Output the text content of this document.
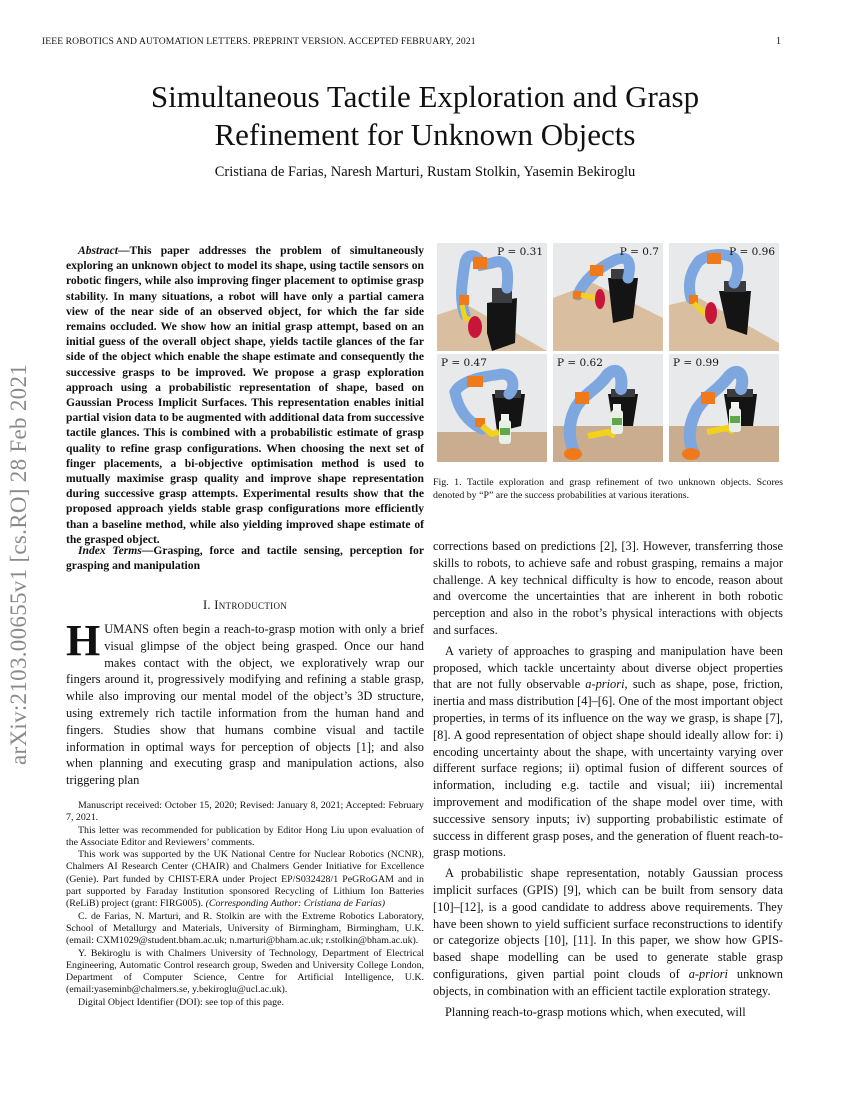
IEEE ROBOTICS AND AUTOMATION LETTERS. PREPRINT VERSION. ACCEPTED FEBRUARY, 2021	1
Simultaneous Tactile Exploration and Grasp
Refinement for Unknown Objects
Cristiana de Farias, Naresh Marturi, Rustam Stolkin, Yasemin Bekiroglu
arXiv:2103.00655v1 [cs.RO] 28 Feb 2021

Abstract—This paper addresses the problem of simultaneously exploring an unknown object to model its shape, using tactile sensors on robotic fingers, while also improving finger placement to optimise grasp stability. In many situations, a robot will have only a partial camera view of the near side of an observed object, for which the far side remains occluded. We show how an initial grasp attempt, based on an initial guess of the overall object shape, yields tactile glances of the far side of the object which enable the shape estimate and consequently the successive grasps to be improved. We propose a grasp exploration approach using a probabilistic representation of shape, based on Gaussian Process Implicit Surfaces. This representation enables initial partial vision data to be augmented with additional data from successive tactile glances. This is combined with a probabilistic estimate of grasp quality to refine grasp configurations. When choosing the next set of finger placements, a bi-objective optimisation method is used to mutually maximise grasp quality and improve shape representation during successive grasp attempts. Experimental results show that the proposed approach yields stable grasp configurations more efficiently than a baseline method, while also yielding improved shape estimate of the grasped object.

Index Terms—Grasping, force and tactile sensing, perception for grasping and manipulation

I. Introduction

HUMANS often begin a reach-to-grasp motion with only a brief visual glimpse of the object being grasped. Once our hand makes contact with the object, we exploratively wrap our fingers around it, progressively modifying and refining a stable grasp, while also improving our mental model of the object’s 3D structure, using extremely rich tactile information from the human hand and fingers. Studies show that humans combine visual and tactile information in optimal ways for perception of objects [1]; and also when planning and executing grasp and manipulation actions, also triggering plan

Manuscript received: October 15, 2020; Revised: January 8, 2021; Accepted: February 7, 2021.

This letter was recommended for publication by Editor Hong Liu upon evaluation of the Associate Editor and Reviewers’ comments.

This work was supported by the UK National Centre for Nuclear Robotics (NCNR), Chalmers AI Research Center (CHAIR) and Chalmers Gender Initiative for Excellence (Genie). Part funded by CHIST-ERA under Project EP/S032428/1 PeGRoGAM and in part supported by Faraday Institution sponsored Recycling of Lithium Ion Batteries (ReLiB) project (grant: FIRG005). (Corresponding Author: Cristiana de Farias)

C. de Farias, N. Marturi, and R. Stolkin are with the Extreme Robotics Laboratory, School of Metallurgy and Materials, University of Birmingham, Birmingham, U.K. (email: CXM1029@student.bham.ac.uk; n.marturi@bham.ac.uk; r.stolkin@bham.ac.uk).

Y. Bekiroglu is with Chalmers University of Technology, Department of Electrical Engineering, Automatic Control research group, Sweden and University College London, Department of Computer Science, Centre for Artificial Intelligence, U.K. (email:yaseminb@chalmers.se, y.bekiroglu@ucl.ac.uk).

Digital Object Identifier (DOI): see top of this page.

P = 0.31	P = 0.7	P = 0.96
P = 0.47	P = 0.62	P = 0.99
Fig. 1. Tactile exploration and grasp refinement of two unknown objects. Scores denoted by “P” are the success probabilities at various iterations.

corrections based on predictions [2], [3]. However, transferring those skills to robots, to achieve safe and robust grasping, remains a major challenge. A key technical difficulty is how to encode, reason about and overcome the uncertainties that are inherent in both robotic perception and also in the robot’s physical interactions with objects and surfaces.

A variety of approaches to grasping and manipulation have been proposed, which tackle uncertainty about diverse object properties that are not fully observable a-priori, such as shape, pose, friction, inertia and mass distribution [4]–[6]. One of the most important object properties, in terms of its influence on the way we grasp, is shape [7], [8]. A good representation of object shape should ideally allow for: i) encoding uncertainty about the shape, with uncertainty varying over different surface regions; ii) optimal fusion of different sources of information, including e.g. tactile and visual; iii) incremental improvement and modification of the shape model over time, with successive sensory inputs; iv) supporting probabilistic estimate of success in different grasp poses, and the generation of fluent reach-to-grasp motions.

A probabilistic shape representation, notably Gaussian process implicit surfaces (GPIS) [9], which can be built from sensory data [10]–[12], is a good candidate to address above requirements. They have been shown to yield sufficient surface reconstructions to identify or categorize objects [10], [11]. In this paper, we show how GPIS-based shape modelling can be used to generate stable grasp configurations, given partial point clouds of a-priori unknown objects, in combination with an efficient tactile exploration strategy.

Planning reach-to-grasp motions which, when executed, will
